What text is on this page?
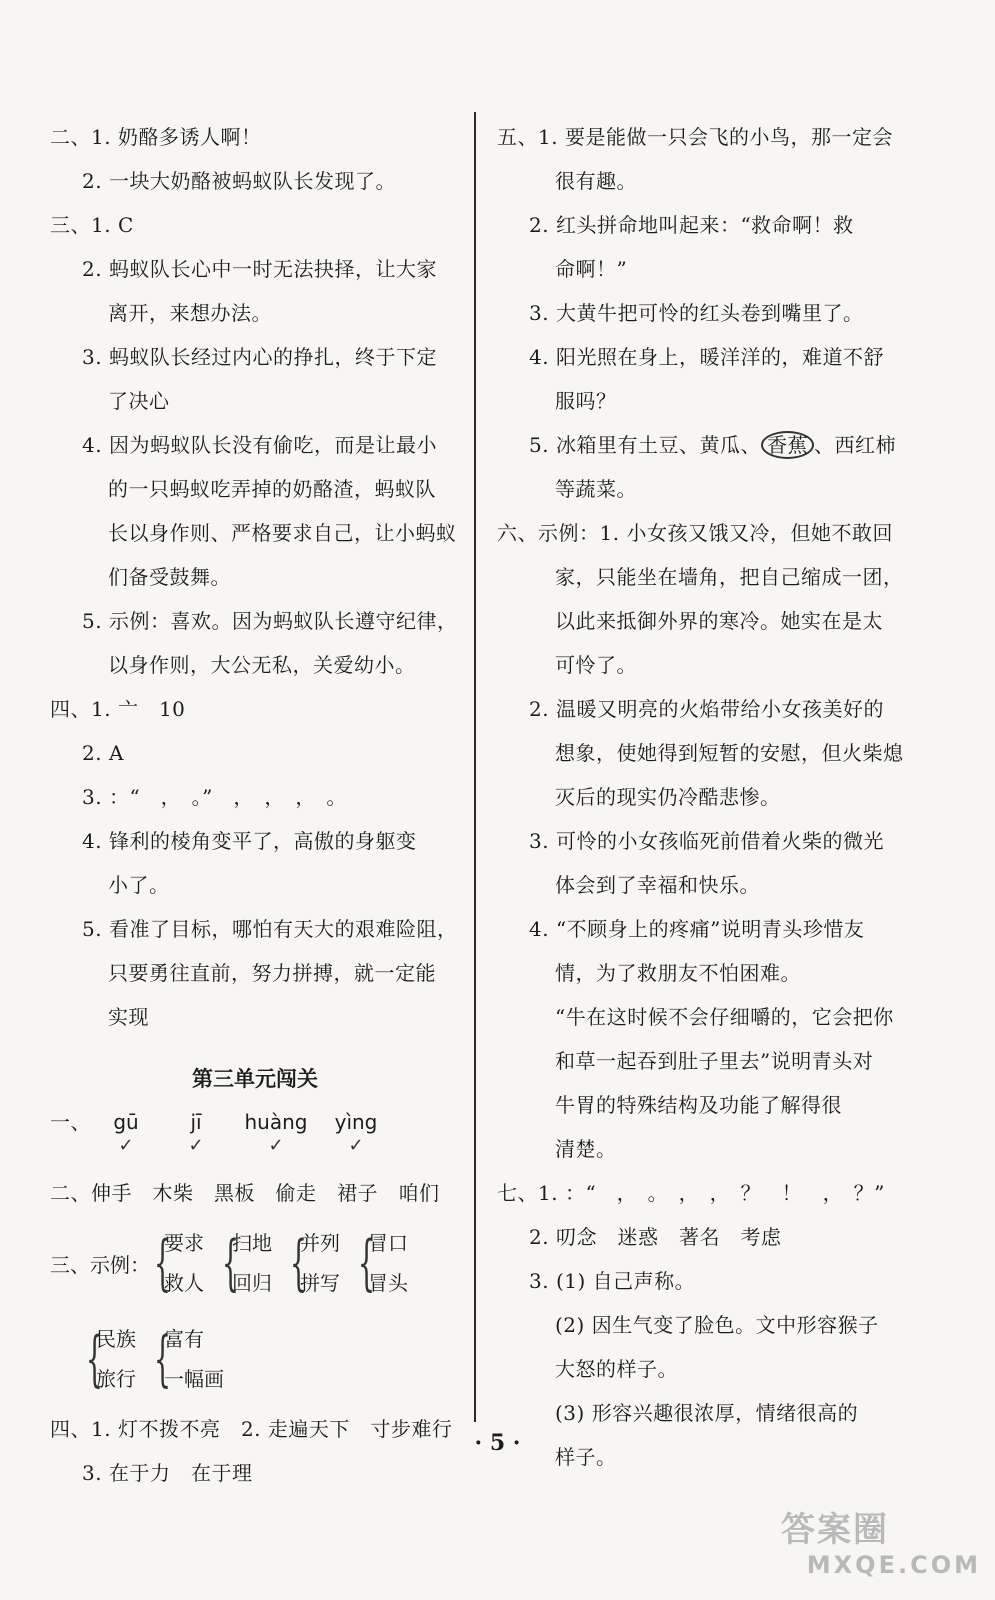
二、1. 奶酪多诱人啊！
2. 一块大奶酪被蚂蚁队长发现了。
三、1. C
2. 蚂蚁队长心中一时无法抉择，让大家
离开，来想办法。
3. 蚂蚁队长经过内心的挣扎，终于下定
了决心
4. 因为蚂蚁队长没有偷吃，而是让最小
的一只蚂蚁吃弄掉的奶酪渣，蚂蚁队
长以身作则、严格要求自己，让小蚂蚁
们备受鼓舞。
5. 示例：喜欢。因为蚂蚁队长遵守纪律，
以身作则，大公无私，关爱幼小。
四、1. 亠　10
2. A
3. ：“　，　。”　，　，　，　。
4. 锋利的棱角变平了，高傲的身躯变
小了。
5. 看准了目标，哪怕有天大的艰难险阻，
只要勇往直前，努力拼搏，就一定能
实现
第三单元闯关
一、	gū
✓
jī
✓
huàng
✓
yìng
✓
二、伸手　木柴　黑板　偷走　裙子　咱们
三、示例： {
要求
救人 {
扫地
回归 {
并列
拼写 {
冒口
冒头
{
民族
旅行 {
富有
一幅画
四、1. 灯不拨不亮　2. 走遍天下　寸步难行
3. 在于力　在于理
五、1. 要是能做一只会飞的小鸟，那一定会
很有趣。
2. 红头拼命地叫起来：“救命啊！救
命啊！”
3. 大黄牛把可怜的红头卷到嘴里了。
4. 阳光照在身上，暖洋洋的，难道不舒
服吗？
5. 冰箱里有土豆、黄瓜、 香蕉 、西红柿
等蔬菜。
六、示例：1. 小女孩又饿又冷，但她不敢回
家，只能坐在墙角，把自己缩成一团，
以此来抵御外界的寒冷。她实在是太
可怜了。
2. 温暖又明亮的火焰带给小女孩美好的
想象，使她得到短暂的安慰，但火柴熄
灭后的现实仍冷酷悲惨。
3. 可怜的小女孩临死前借着火柴的微光
体会到了幸福和快乐。
4. “不顾身上的疼痛”说明青头珍惜友
情，为了救朋友不怕困难。
“牛在这时候不会仔细嚼的，它会把你
和草一起吞到肚子里去”说明青头对
牛胃的特殊结构及功能了解得很
清楚。
七、1. ：“　，　。　，　，　？　！　，　？”
2. 叨念　迷惑　著名　考虑
3. (1) 自己声称。
(2) 因生气变了脸色。文中形容猴子
大怒的样子。
(3) 形容兴趣很浓厚，情绪很高的
样子。
· 5 ·
答案圈
MXQE.COM
